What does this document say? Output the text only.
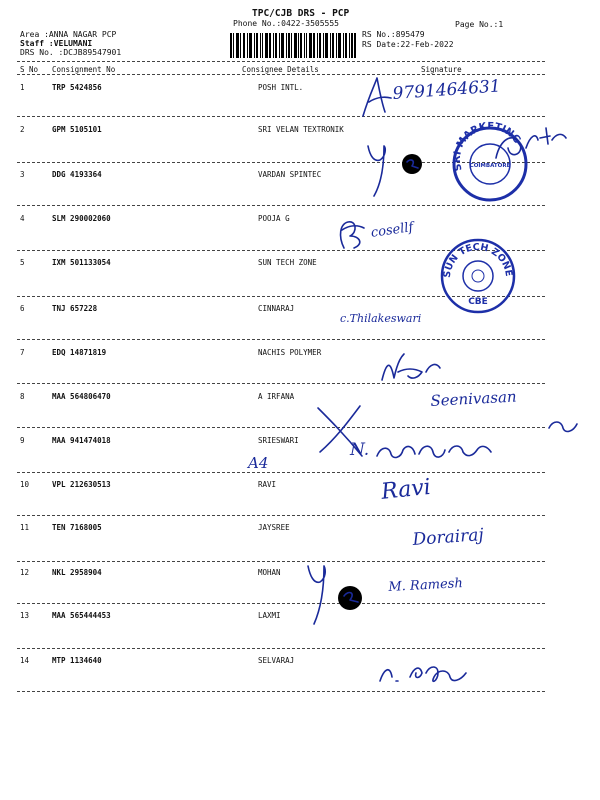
TPC/CJB DRS - PCP
Phone No.:0422-3505555	Page No.:1
Area :ANNA NAGAR PCP
Staff :VELUMANI
DRS No. :DCJB89547901
RS No.:895479
RS Date:22-Feb-2022
S No Consignment No	Consignee Details	Signature
1	TRP 5424856	POSH INTL.
2	GPM 5105101	SRI VELAN TEXTRONIK
3	DDG 4193364	VARDAN SPINTEC
4	SLM 290002060	POOJA G
5	IXM 501133054	SUN TECH ZONE
6	TNJ 657228	CINNARAJ
7	EDQ 14871819	NACHIS POLYMER
8	MAA 564806470	A IRFANA
9	MAA 941474018	SRIESWARI
10	VPL 212630513	RAVI
11	TEN 7168005	JAYSREE
12	NKL 2958904	MOHAN
13	MAA 565444453	LAXMI
14	MTP 1134640	SELVARAJ
SRI MARKETING
COIMBATORE
SUN TECH ZONE
CBE
9791464631
cosellf
c.Thilakeswari
Seenivasan
N.
A4
Ravi
Dorairaj
M. Ramesh
